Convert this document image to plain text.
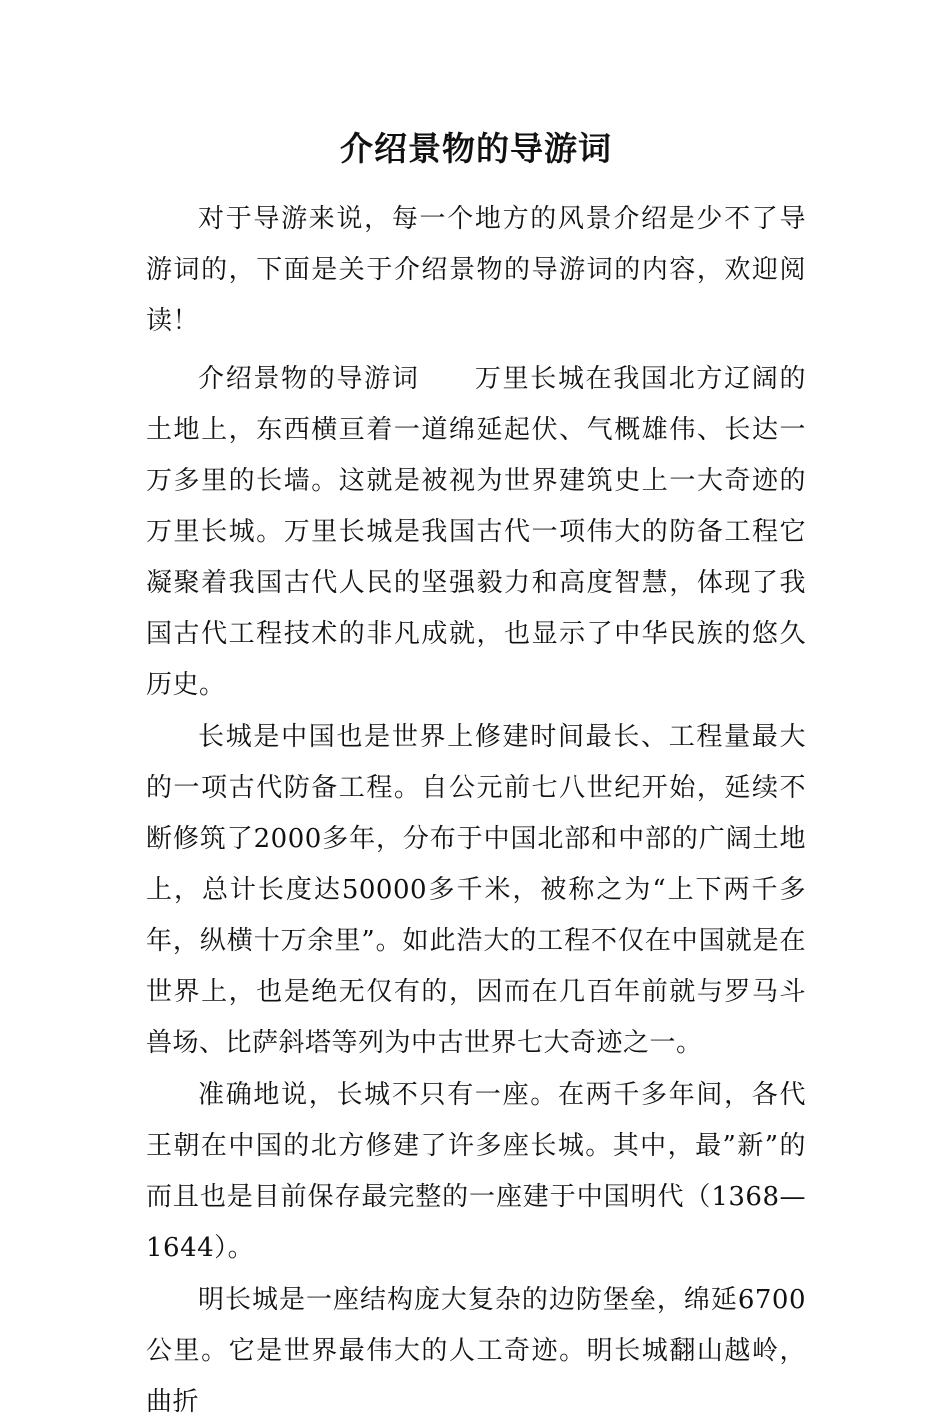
介绍景物的导游词

对于导游来说，每一个地方的风景介绍是少不了导游词的，下面是关于介绍景物的导游词的内容，欢迎阅读！

介绍景物的导游词　　万里长城在我国北方辽阔的土地上，东西横亘着一道绵延起伏、气概雄伟、长达一万多里的长墙。这就是被视为世界建筑史上一大奇迹的万里长城。万里长城是我国古代一项伟大的防备工程它凝聚着我国古代人民的坚强毅力和高度智慧，体现了我国古代工程技术的非凡成就，也显示了中华民族的悠久历史。

长城是中国也是世界上修建时间最长、工程量最大的一项古代防备工程。自公元前七八世纪开始，延续不断修筑了2000多年，分布于中国北部和中部的广阔土地上，总计长度达50000多千米，被称之为“上下两千多年，纵横十万余里”。如此浩大的工程不仅在中国就是在世界上，也是绝无仅有的，因而在几百年前就与罗马斗兽场、比萨斜塔等列为中古世界七大奇迹之一。

准确地说，长城不只有一座。在两千多年间，各代王朝在中国的北方修建了许多座长城。其中，最”新”的而且也是目前保存最完整的一座建于中国明代（1368—1644）。

明长城是一座结构庞大复杂的边防堡垒，绵延6700公里。它是世界最伟大的人工奇迹。明长城翻山越岭，曲折
